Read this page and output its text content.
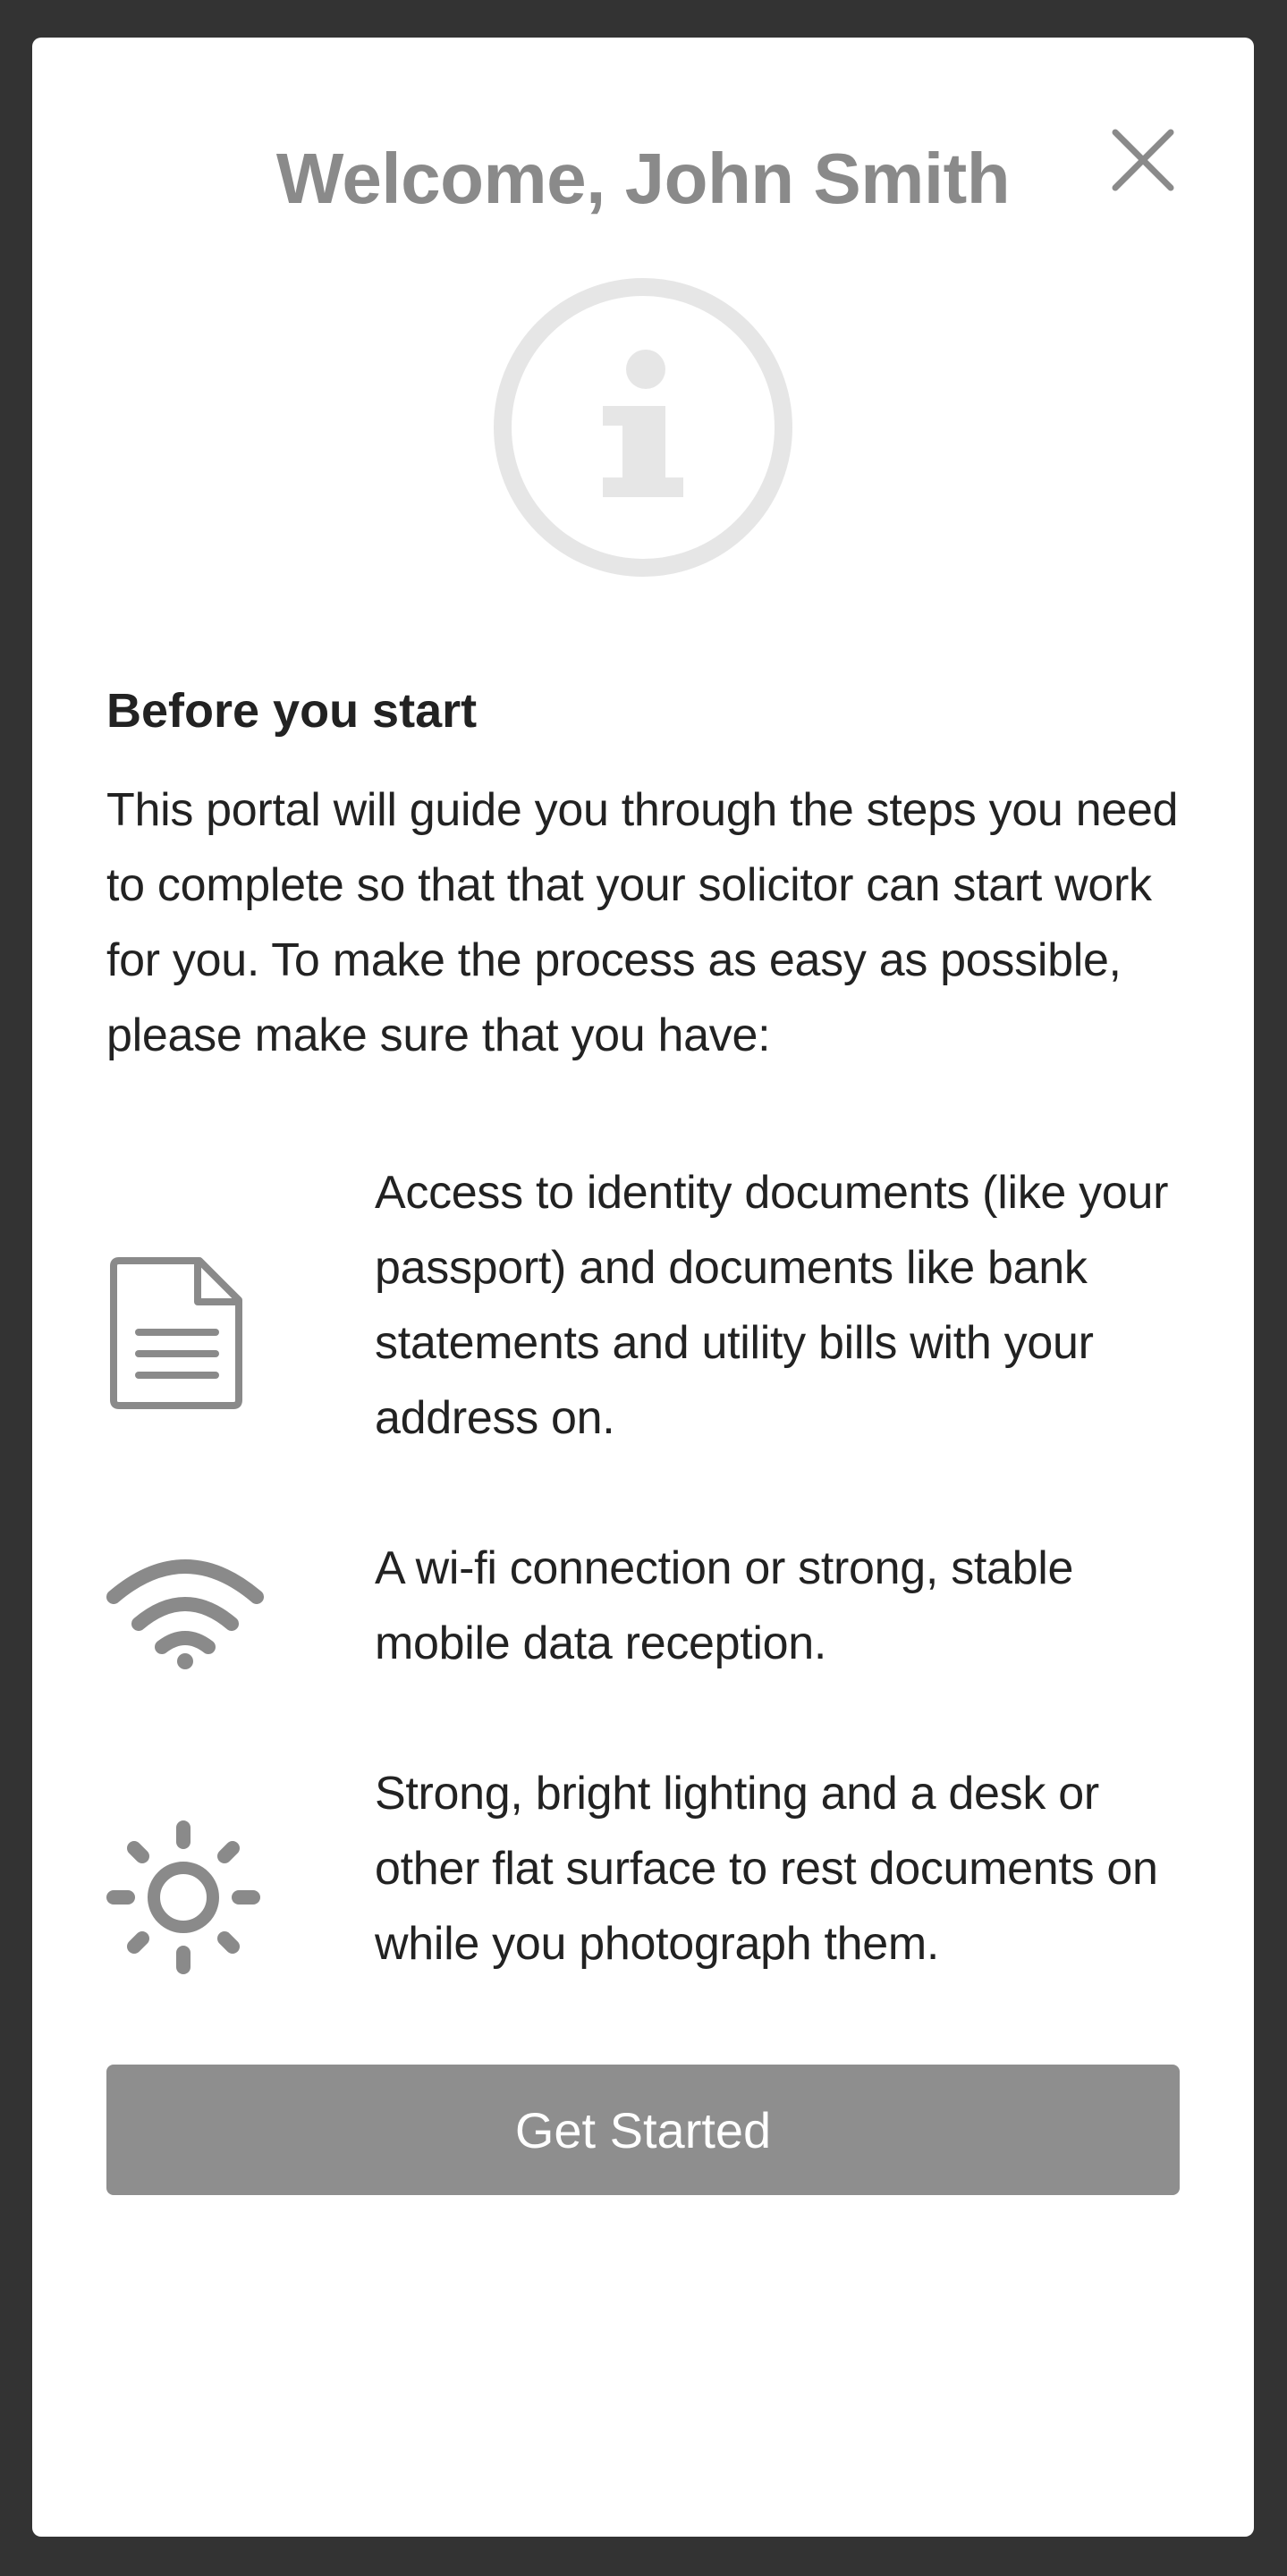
Welcome, John Smith
Before you start

This portal will guide you through the steps you need to complete so that that your solicitor can start work for you. To make the process as easy as possible, please make sure that you have:

Access to identity documents (like your passport) and documents like bank statements and utility bills with your address on.

A wi-fi connection or strong, stable mobile data reception.

Strong, bright lighting and a desk or other flat surface to rest documents on while you photograph them.

Get Started
